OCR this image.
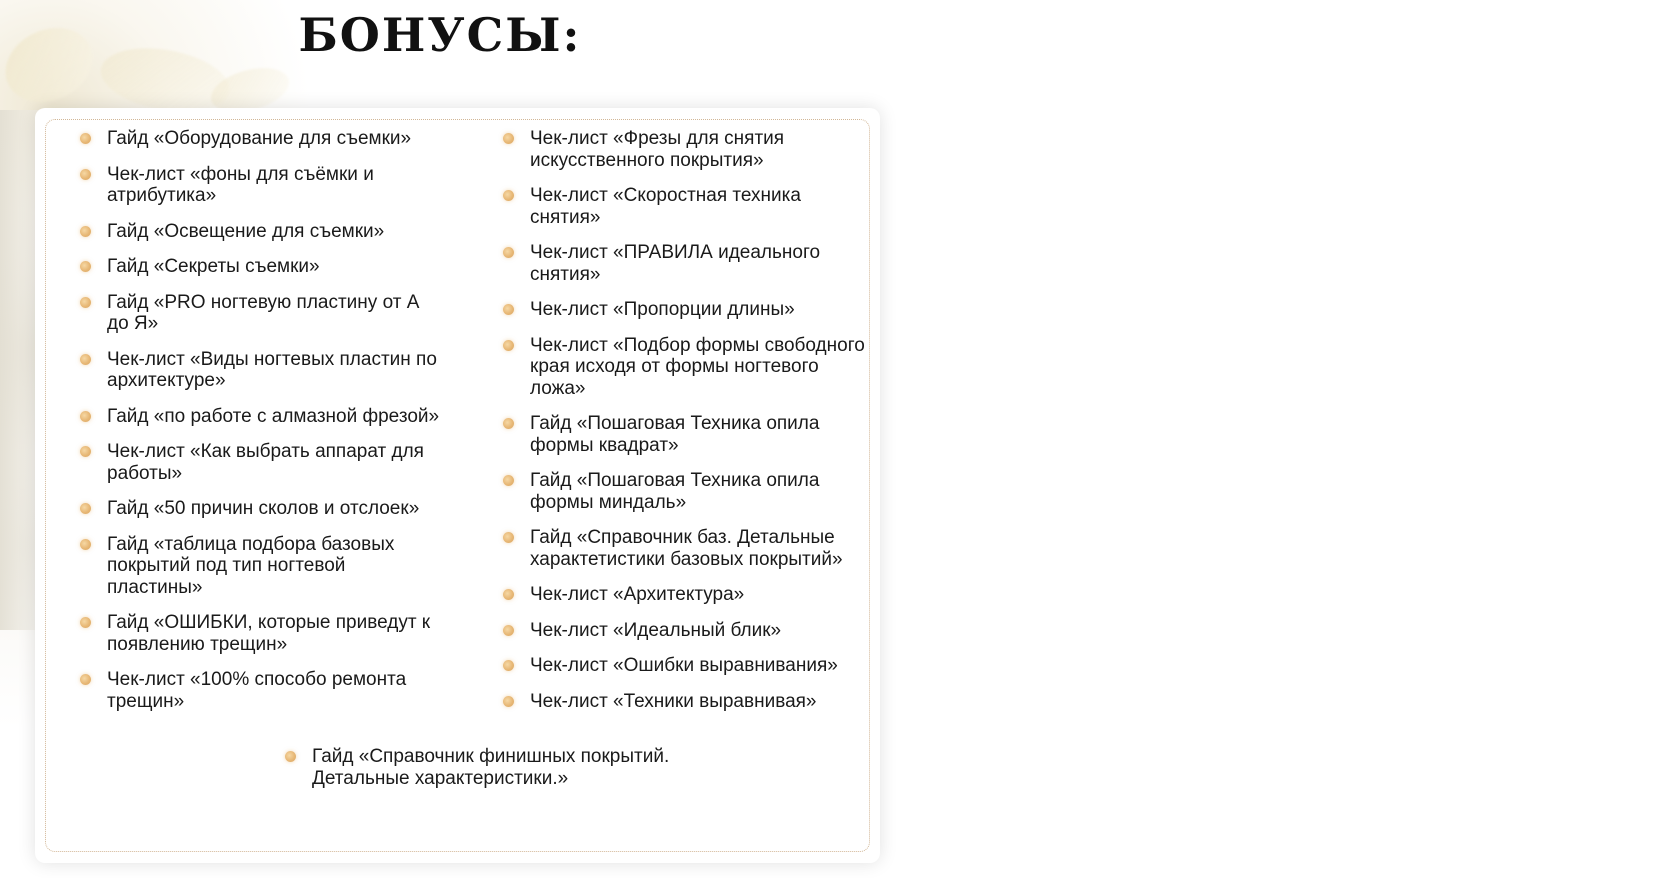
БОНУСЫ:
Гайд «Оборудование для съемки»
Чек-лист «фоны для съёмки и атрибутика»
Гайд «Освещение для съемки»
Гайд «Секреты съемки»
Гайд «PRO ногтевую пластину от А до Я»
Чек-лист «Виды ногтевых пластин по архитектуре»
Гайд «по работе с алмазной фрезой»
Чек-лист «Как выбрать аппарат для работы»
Гайд «50 причин сколов и отслоек»
Гайд «таблица подбора базовых покрытий под тип ногтевой пластины»
Гайд «ОШИБКИ, которые приведут к появлению трещин»
Чек-лист «100% способо ремонта трещин»
Чек-лист «Фрезы для снятия искусственного покрытия»
Чек-лист «Скоростная техника снятия»
Чек-лист «ПРАВИЛА идеального снятия»
Чек-лист «Пропорции длины»
Чек-лист «Подбор формы свободного края исходя от формы ногтевого ложа»
Гайд «Пошаговая Техника опила формы квадрат»
Гайд «Пошаговая Техника опила формы миндаль»
Гайд «Справочник баз. Детальные характетистики базовых покрытий»
Чек-лист «Архитектура»
Чек-лист «Идеальный блик»
Чек-лист «Ошибки выравнивания»
Чек-лист «Техники выравнивая»
Гайд «Справочник финишных покрытий. Детальные характеристики.»
